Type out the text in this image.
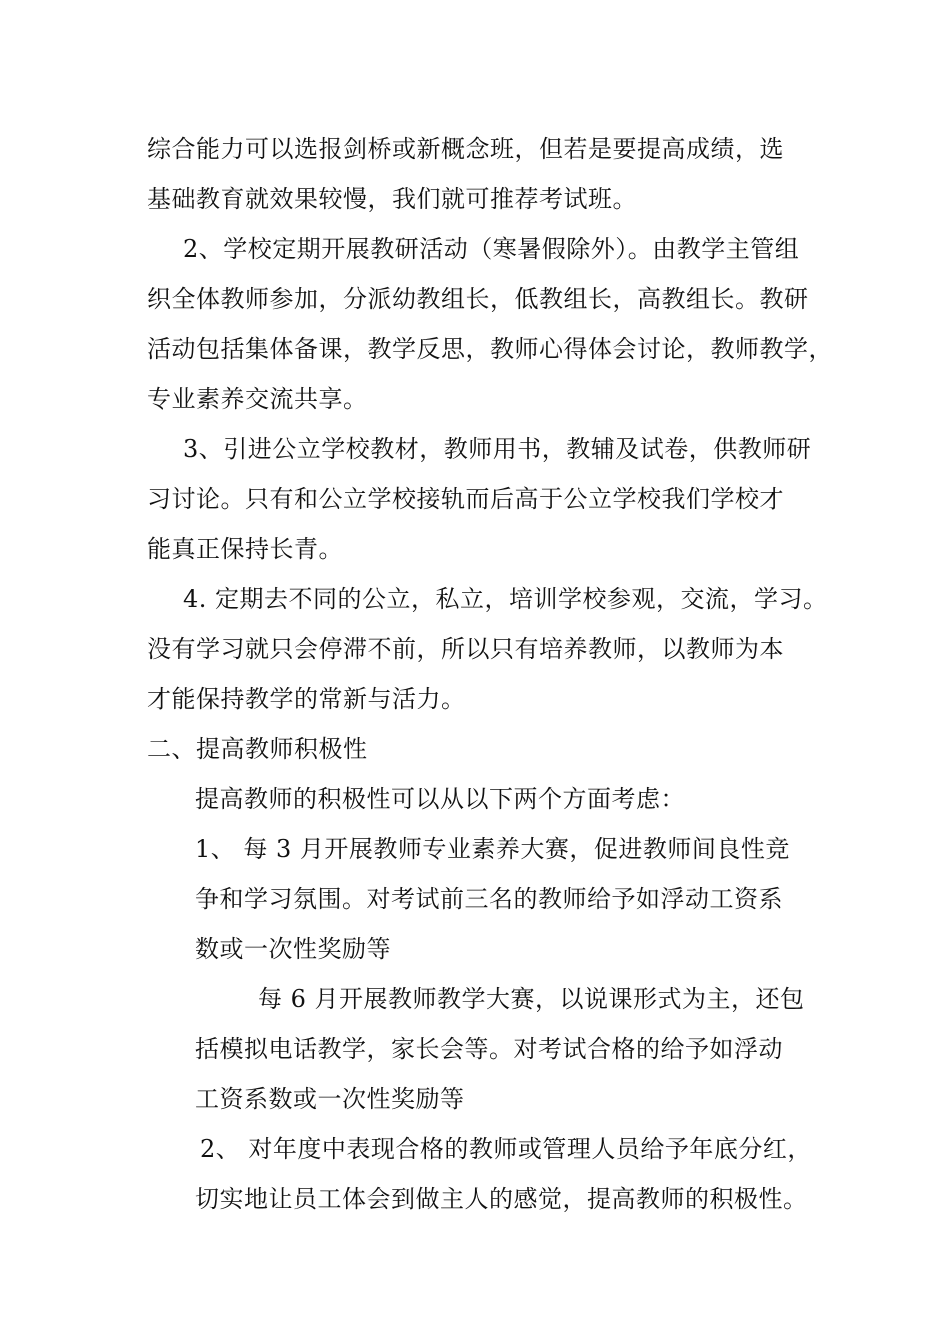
综合能力可以选报剑桥或新概念班，但若是要提高成绩，选
基础教育就效果较慢，我们就可推荐考试班。
2、学校定期开展教研活动（寒暑假除外）。由教学主管组
织全体教师参加，分派幼教组长，低教组长，高教组长。教研
活动包括集体备课，教学反思，教师心得体会讨论，教师教学，
专业素养交流共享。
3、引进公立学校教材，教师用书，教辅及试卷，供教师研
习讨论。只有和公立学校接轨而后高于公立学校我们学校才
能真正保持长青。
4. 定期去不同的公立，私立，培训学校参观，交流，学习。
没有学习就只会停滞不前，所以只有培养教师，以教师为本
才能保持教学的常新与活力。
二、提高教师积极性
提高教师的积极性可以从以下两个方面考虑：
1、 每 3 月开展教师专业素养大赛，促进教师间良性竞
争和学习氛围。对考试前三名的教师给予如浮动工资系
数或一次性奖励等
每 6 月开展教师教学大赛，以说课形式为主，还包
括模拟电话教学，家长会等。对考试合格的给予如浮动
工资系数或一次性奖励等
2、 对年度中表现合格的教师或管理人员给予年底分红，
切实地让员工体会到做主人的感觉，提高教师的积极性。
